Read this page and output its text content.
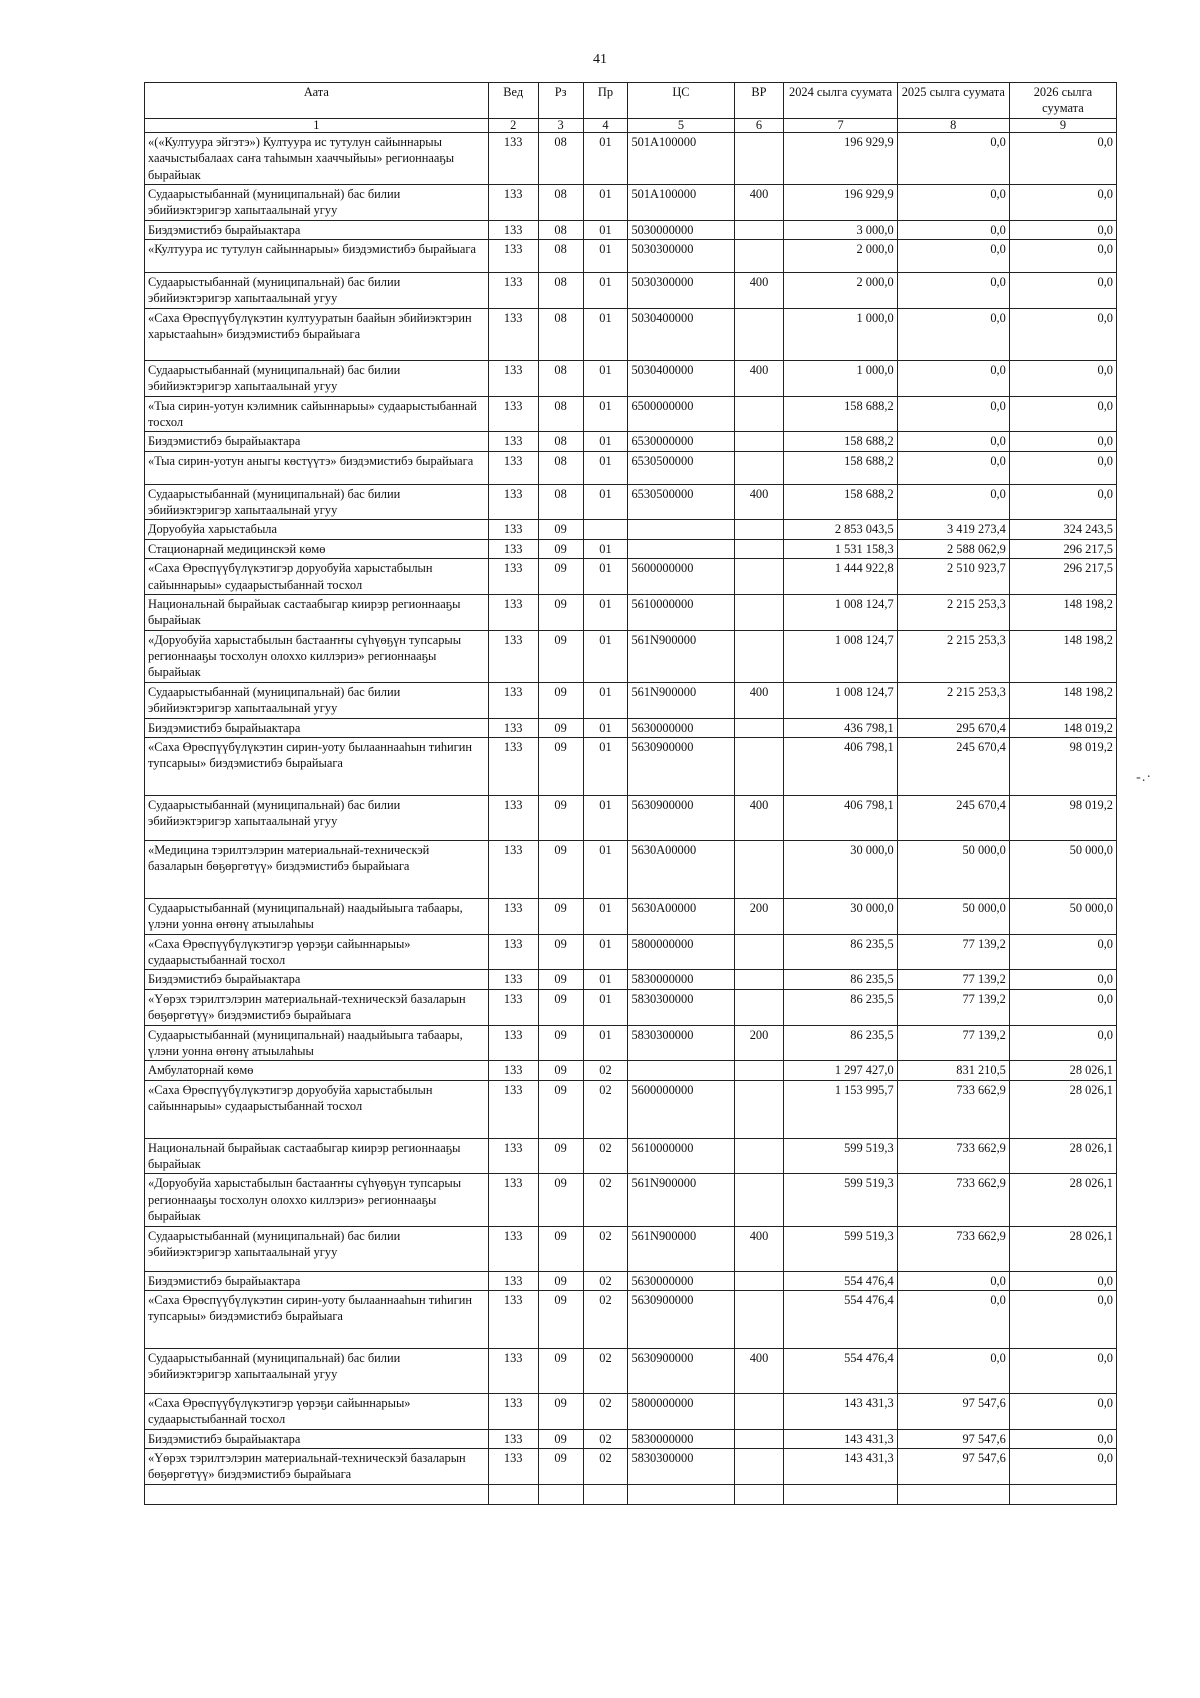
41
Аата	Вед	Рз	Пр	ЦС	ВР	2024 сылга суумата	2025 сылга суумата	2026 сылга суумата
1	2	3	4	5	6	7	8	9
«(«Култуура эйгэтэ») Култуура ис тутулун сайыннарыы хаачыстыбалаах саҥа таһымын хааччыйыы» регионнааҕы бырайыак	133	08	01	501A100000		196 929,9	0,0	0,0
Судаарыстыбаннай (муниципальнай) бас билии эбийиэктэригэр хапытаалынай угуу	133	08	01	501A100000	400	196 929,9	0,0	0,0
Биэдэмистибэ бырайыактара	133	08	01	5030000000		3 000,0	0,0	0,0
«Култуура ис тутулун сайыннарыы» биэдэмистибэ бырайыага	133	08	01	5030300000		2 000,0	0,0	0,0
Судаарыстыбаннай (муниципальнай) бас билии эбийиэктэригэр хапытаалынай угуу	133	08	01	5030300000	400	2 000,0	0,0	0,0
«Саха Өрөспүүбүлүкэтин култууратын баайын эбийиэктэрин харыстааһын» биэдэмистибэ бырайыага	133	08	01	5030400000		1 000,0	0,0	0,0
Судаарыстыбаннай (муниципальнай) бас билии эбийиэктэригэр хапытаалынай угуу	133	08	01	5030400000	400	1 000,0	0,0	0,0
«Тыа сирин-уотун кэлимник сайыннарыы» судаарыстыбаннай тосхол	133	08	01	6500000000		158 688,2	0,0	0,0
Биэдэмистибэ бырайыактара	133	08	01	6530000000		158 688,2	0,0	0,0
«Тыа сирин-уотун аныгы көстүүтэ» биэдэмистибэ бырайыага	133	08	01	6530500000		158 688,2	0,0	0,0
Судаарыстыбаннай (муниципальнай) бас билии эбийиэктэригэр хапытаалынай угуу	133	08	01	6530500000	400	158 688,2	0,0	0,0
Доруобуйа харыстабыла	133	09				2 853 043,5	3 419 273,4	324 243,5
Стационарнай медицинскэй көмө	133	09	01			1 531 158,3	2 588 062,9	296 217,5
«Саха Өрөспүүбүлүкэтигэр доруобуйа харыстабылын сайыннарыы» судаарыстыбаннай тосхол	133	09	01	5600000000		1 444 922,8	2 510 923,7	296 217,5
Национальнай бырайыак састаабыгар киирэр регионнааҕы бырайыак	133	09	01	5610000000		1 008 124,7	2 215 253,3	148 198,2
«Доруобуйа харыстабылын бастааҥҥы сүһүөҕүн тупсарыы регионнааҕы тосхолун олоххо киллэриэ» регионнааҕы бырайыак	133	09	01	561N900000		1 008 124,7	2 215 253,3	148 198,2
Судаарыстыбаннай (муниципальнай) бас билии эбийиэктэригэр хапытаалынай угуу	133	09	01	561N900000	400	1 008 124,7	2 215 253,3	148 198,2
Биэдэмистибэ бырайыактара	133	09	01	5630000000		436 798,1	295 670,4	148 019,2
«Саха Өрөспүүбүлүкэтин сирин-уоту былааннааһын тиһигин тупсарыы» биэдэмистибэ бырайыага	133	09	01	5630900000		406 798,1	245 670,4	98 019,2
Судаарыстыбаннай (муниципальнай) бас билии эбийиэктэригэр хапытаалынай угуу	133	09	01	5630900000	400	406 798,1	245 670,4	98 019,2
«Медицина тэрилтэлэрин материальнай-техническэй базаларын бөҕөргөтүү» биэдэмистибэ бырайыага	133	09	01	5630A00000		30 000,0	50 000,0	50 000,0
Судаарыстыбаннай (муниципальнай) наадыйыыга табаары, үлэни уонна өҥөнү атыылаһыы	133	09	01	5630A00000	200	30 000,0	50 000,0	50 000,0
«Саха Өрөспүүбүлүкэтигэр үөрэҕи сайыннарыы» судаарыстыбаннай тосхол	133	09	01	5800000000		86 235,5	77 139,2	0,0
Биэдэмистибэ бырайыактара	133	09	01	5830000000		86 235,5	77 139,2	0,0
«Үөрэх тэрилтэлэрин материальнай-техническэй базаларын бөҕөргөтүү» биэдэмистибэ бырайыага	133	09	01	5830300000		86 235,5	77 139,2	0,0
Судаарыстыбаннай (муниципальнай) наадыйыыга табаары, үлэни уонна өҥөнү атыылаһыы	133	09	01	5830300000	200	86 235,5	77 139,2	0,0
Амбулаторнай көмө	133	09	02			1 297 427,0	831 210,5	28 026,1
«Саха Өрөспүүбүлүкэтигэр доруобуйа харыстабылын сайыннарыы» судаарыстыбаннай тосхол	133	09	02	5600000000		1 153 995,7	733 662,9	28 026,1
Национальнай бырайыак састаабыгар киирэр регионнааҕы бырайыак	133	09	02	5610000000		599 519,3	733 662,9	28 026,1
«Доруобуйа харыстабылын бастааҥҥы сүһүөҕүн тупсарыы регионнааҕы тосхолун олоххо киллэриэ» регионнааҕы бырайыак	133	09	02	561N900000		599 519,3	733 662,9	28 026,1
Судаарыстыбаннай (муниципальнай) бас билии эбийиэктэригэр хапытаалынай угуу	133	09	02	561N900000	400	599 519,3	733 662,9	28 026,1
Биэдэмистибэ бырайыактара	133	09	02	5630000000		554 476,4	0,0	0,0
«Саха Өрөспүүбүлүкэтин сирин-уоту былааннааһын тиһигин тупсарыы» биэдэмистибэ бырайыага	133	09	02	5630900000		554 476,4	0,0	0,0
Судаарыстыбаннай (муниципальнай) бас билии эбийиэктэригэр хапытаалынай угуу	133	09	02	5630900000	400	554 476,4	0,0	0,0
«Саха Өрөспүүбүлүкэтигэр үөрэҕи сайыннарыы» судаарыстыбаннай тосхол	133	09	02	5800000000		143 431,3	97 547,6	0,0
Биэдэмистибэ бырайыактара	133	09	02	5830000000		143 431,3	97 547,6	0,0
«Үөрэх тэрилтэлэрин материальнай-техническэй базаларын бөҕөргөтүү» биэдэмистибэ бырайыага	133	09	02	5830300000		143 431,3	97 547,6	0,0

-.·
